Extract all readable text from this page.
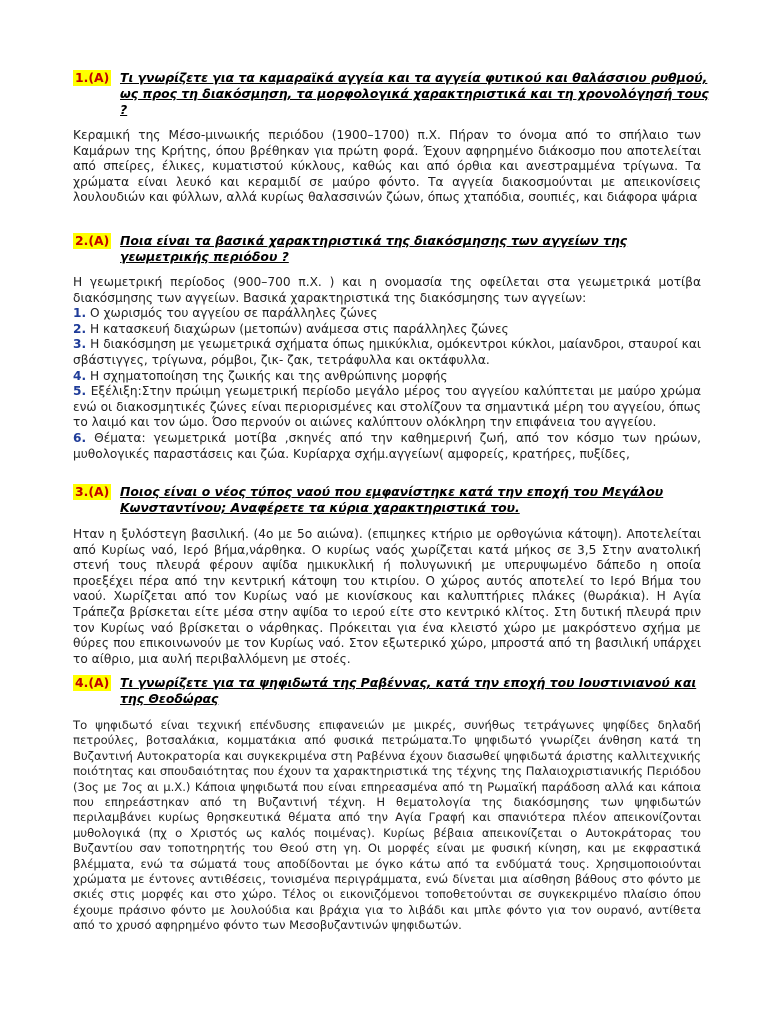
1.(Α) Τι γνωρίζετε για τα καμαραϊκά αγγεία και τα αγγεία φυτικού και θαλάσσιου ρυθμού, ως προς τη διακόσμηση, τα μορφολογικά χαρακτηριστικά και τη χρονολόγησή τους ?
Κεραμική της Μέσο-μινωικής περιόδου (1900–1700) π.Χ. Πήραν το όνομα από το σπήλαιο των Καμάρων της Κρήτης, όπου βρέθηκαν για πρώτη φορά. Έχουν αφηρημένο διάκοσμο που αποτελείται από σπείρες, έλικες, κυματιστού κύκλους, καθώς και από όρθια και ανεστραμμένα τρίγωνα. Τα χρώματα είναι λευκό και κεραμιδί σε μαύρο φόντο. Τα αγγεία διακοσμούνται με απεικονίσεις λουλουδιών και φύλλων, αλλά κυρίως θαλασσινών ζώων, όπως χταπόδια, σουπιές, και διάφορα ψάρια
2.(Α) Ποια είναι τα βασικά χαρακτηριστικά της διακόσμησης των αγγείων της γεωμετρικής περιόδου ?
Η γεωμετρική περίοδος (900–700 π.Χ. ) και η ονομασία της οφείλεται στα γεωμετρικά μοτίβα διακόσμησης των αγγείων. Βασικά χαρακτηριστικά της διακόσμησης των αγγείων:
1. Ο χωρισμός του αγγείου σε παράλληλες ζώνες
2. Η κατασκευή διαχώρων (μετοπών) ανάμεσα στις παράλληλες ζώνες
3. Η διακόσμηση με γεωμετρικά σχήματα όπως ημικύκλια, ομόκεντροι κύκλοι, μαίανδροι, σταυροί και σβάστιγγες, τρίγωνα, ρόμβοι, ζικ- ζακ, τετράφυλλα και οκτάφυλλα.
4. Η σχηματοποίηση της ζωικής και της ανθρώπινης μορφής
5. Εξέλιξη:Στην πρώιμη γεωμετρική περίοδο μεγάλο μέρος του αγγείου καλύπτεται με μαύρο χρώμα ενώ οι διακοσμητικές ζώνες είναι περιορισμένες και στολίζουν τα σημαντικά μέρη του αγγείου, όπως το λαιμό και τον ώμο. Όσο περνούν οι αιώνες καλύπτουν ολόκληρη την επιφάνεια του αγγείου.
6. Θέματα: γεωμετρικά μοτίβα ,σκηνές από την καθημερινή ζωή, από τον κόσμο των ηρώων, μυθολογικές παραστάσεις και ζώα. Κυρίαρχα σχήμ.αγγείων( αμφορείς, κρατήρες, πυξίδες,
3.(Α) Ποιος είναι ο νέος τύπος ναού που εμφανίστηκε κατά την εποχή του Μεγάλου Κωνσταντίνου; Αναφέρετε τα κύρια χαρακτηριστικά του.
Ηταν η ξυλόστεγη βασιλική. (4ο με 5ο αιώνα). (επιμηκες κτήριο με ορθογώνια κάτοψη). Αποτελείται από Κυρίως ναό, Ιερό βήμα,νάρθηκα. Ο κυρίως ναός χωρίζεται κατά μήκος σε 3,5 Στην ανατολική στενή τους πλευρά φέρουν αψίδα ημικυκλική ή πολυγωνική με υπερυψωμένο δάπεδο η οποία προεξέχει πέρα από την κεντρική κάτοψη του κτιρίου. Ο χώρος αυτός αποτελεί το Ιερό Βήμα του ναού. Χωρίζεται από τον Κυρίως ναό με κιονίσκους και καλυπτήριες πλάκες (θωράκια). Η Αγία Τράπεζα βρίσκεται είτε μέσα στην αψίδα το ιερού είτε στο κεντρικό κλίτος. Στη δυτική πλευρά πριν τον Κυρίως ναό βρίσκεται ο νάρθηκας. Πρόκειται για ένα κλειστό χώρο με μακρόστενο σχήμα με θύρες που επικοινωνούν με τον Κυρίως ναό. Στον εξωτερικό χώρο, μπροστά από τη βασιλική υπάρχει το αίθριο, μια αυλή περιβαλλόμενη με στοές.
4.(Α) Τι γνωρίζετε για τα ψηφιδωτά της Ραβέννας, κατά την εποχή του Ιουστινιανού και της Θεοδώρας
Το ψηφιδωτό είναι τεχνική επένδυσης επιφανειών με μικρές, συνήθως τετράγωνες ψηφίδες δηλαδή πετρούλες, βοτσαλάκια, κομματάκια από φυσικά πετρώματα.Το ψηφιδωτό γνωρίζει άνθηση κατά τη Βυζαντινή Αυτοκρατορία και συγκεκριμένα στη Ραβέννα έχουν διασωθεί ψηφιδωτά άριστης καλλιτεχνικής ποιότητας και σπουδαιότητας που έχουν τα χαρακτηριστικά της τέχνης της Παλαιοχριστιανικής Περιόδου (3ος με 7ος αι μ.Χ.) Κάποια ψηφιδωτά που είναι επηρεασμένα από τη Ρωμαϊκή παράδοση αλλά και κάποια που επηρεάστηκαν από τη Βυζαντινή τέχνη. Η θεματολογία της διακόσμησης των ψηφιδωτών περιλαμβάνει κυρίως θρησκευτικά θέματα από την Αγία Γραφή και σπανιότερα πλέον απεικονίζονται μυθολογικά (πχ ο Χριστός ως καλός ποιμένας). Κυρίως βέβαια απεικονίζεται ο Αυτοκράτορας του Βυζαντίου σαν τοποτηρητής του Θεού στη γη. Οι μορφές είναι με φυσική κίνηση, και με εκφραστικά βλέμματα, ενώ τα σώματά τους αποδίδονται με όγκο κάτω από τα ενδύματά τους. Χρησιμοποιούνται χρώματα με έντονες αντιθέσεις, τονισμένα περιγράμματα, ενώ δίνεται μια αίσθηση βάθους στο φόντο με σκιές στις μορφές και στο χώρο. Τέλος οι εικονιζόμενοι τοποθετούνται σε συγκεκριμένο πλαίσιο όπου έχουμε πράσινο φόντο με λουλούδια και βράχια για το λιβάδι και μπλε φόντο για τον ουρανό, αντίθετα από το χρυσό αφηρημένο φόντο των Μεσοβυζαντινών ψηφιδωτών.
